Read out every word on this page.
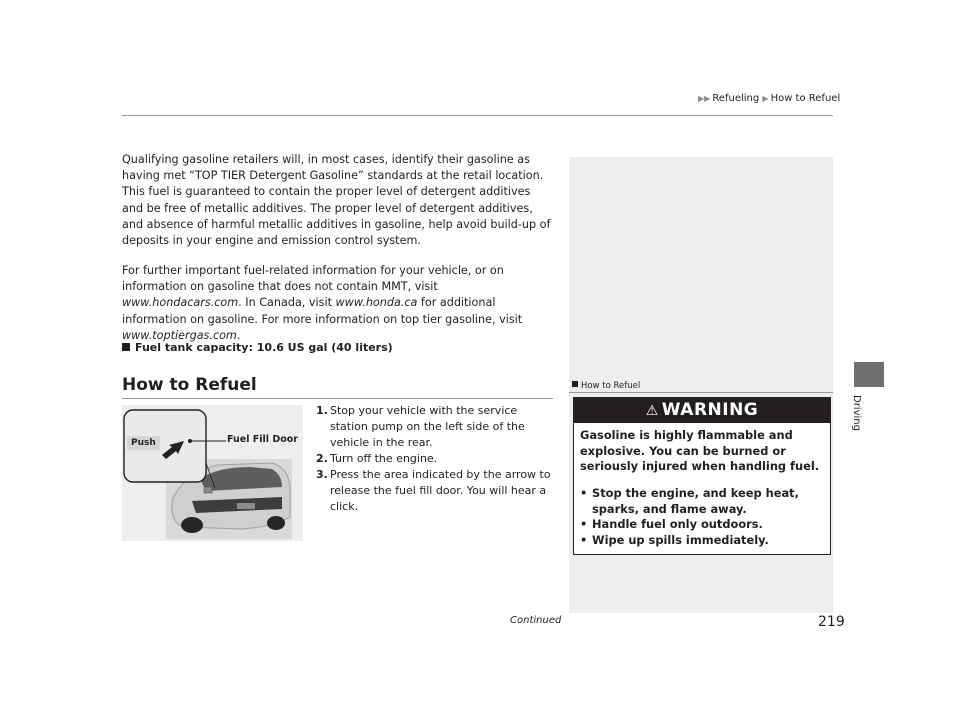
▶▶ Refueling ▶ How to Refuel
Driving
Qualifying gasoline retailers will, in most cases, identify their gasoline as having met “TOP TIER Detergent Gasoline” standards at the retail location. This fuel is guaranteed to contain the proper level of detergent additives and be free of metallic additives. The proper level of detergent additives, and absence of harmful metallic additives in gasoline, help avoid build-up of deposits in your engine and emission control system.
For further important fuel-related information for your vehicle, or on information on gasoline that does not contain MMT, visit www.hondacars.com. In Canada, visit www.honda.ca for additional information on gasoline. For more information on top tier gasoline, visit www.toptiergas.com.
Fuel tank capacity: 10.6 US gal (40 liters)
How to Refuel
Fuel Fill Door
Push
1. Stop your vehicle with the service station pump on the left side of the vehicle in the rear.
2. Turn off the engine.
3. Press the area indicated by the arrow to release the fuel fill door. You will hear a click.
How to Refuel
⚠ WARNING
Gasoline is highly flammable and explosive. You can be burned or seriously injured when handling fuel.
• Stop the engine, and keep heat, sparks, and flame away.
• Handle fuel only outdoors.
• Wipe up spills immediately.
Continued	219
